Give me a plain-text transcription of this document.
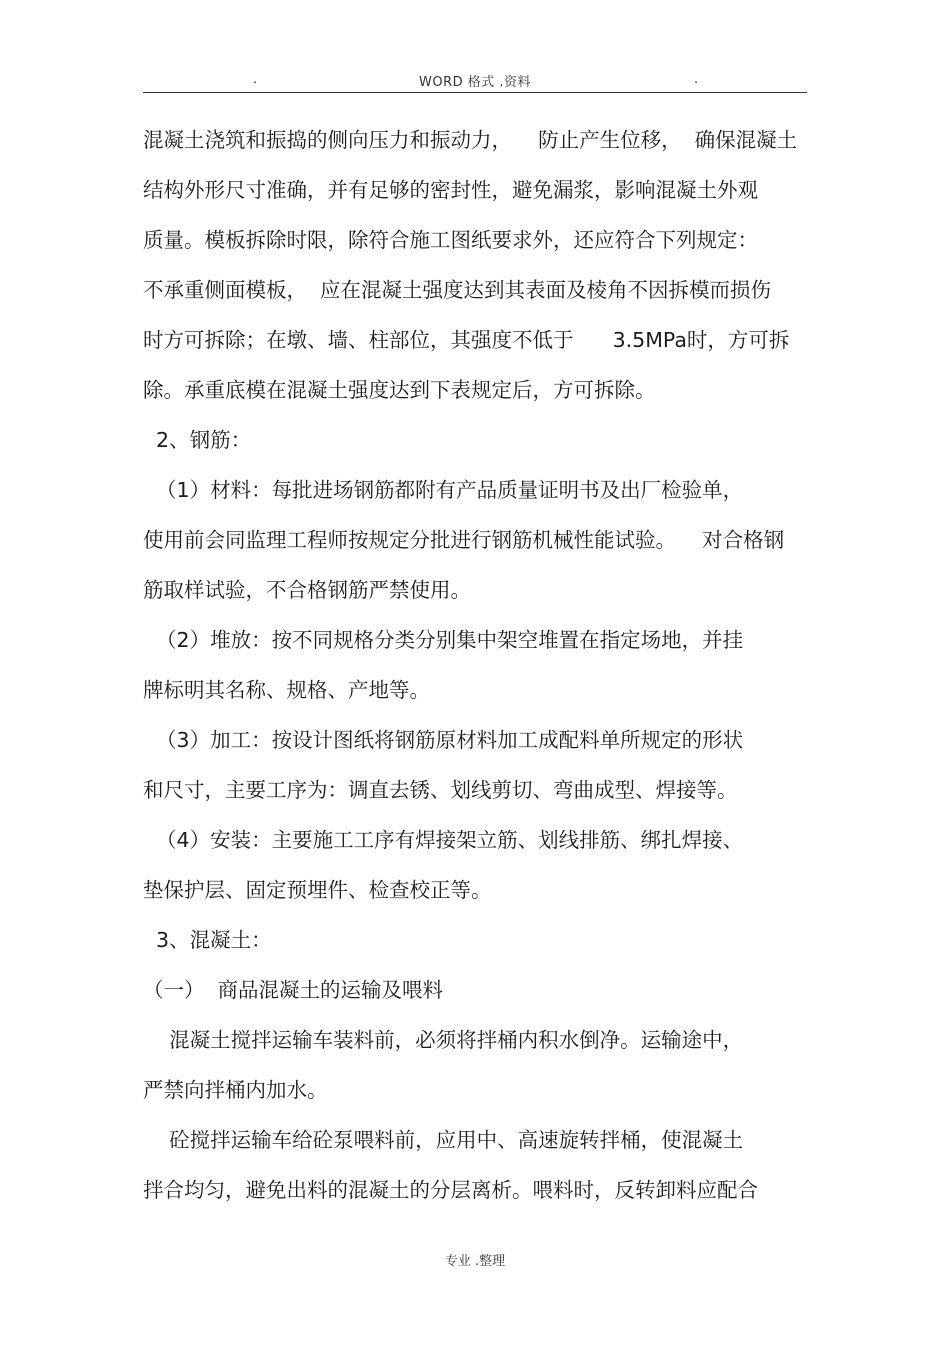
.	WORD 格式 .资料	.
混凝土浇筑和振捣的侧向压力和振动力，    防止产生位移，  确保混凝土
结构外形尺寸准确，并有足够的密封性，避免漏浆，影响混凝土外观
质量。模板拆除时限，除符合施工图纸要求外，还应符合下列规定：
不承重侧面模板，  应在混凝土强度达到其表面及棱角不因拆模而损伤
时方可拆除；在墩、墙、柱部位，其强度不低于      3.5MPa时，方可拆
除。承重底模在混凝土强度达到下表规定后，方可拆除。
2、钢筋：
（1）材料：每批进场钢筋都附有产品质量证明书及出厂检验单，
使用前会同监理工程师按规定分批进行钢筋机械性能试验。    对合格钢
筋取样试验，不合格钢筋严禁使用。
（2）堆放：按不同规格分类分别集中架空堆置在指定场地，并挂
牌标明其名称、规格、产地等。
（3）加工：按设计图纸将钢筋原材料加工成配料单所规定的形状
和尺寸，主要工序为：调直去锈、划线剪切、弯曲成型、焊接等。
（4）安装：主要施工工序有焊接架立筋、划线排筋、绑扎焊接、
垫保护层、固定预埋件、检查校正等。
3、混凝土：
（一）  商品混凝土的运输及喂料
混凝土搅拌运输车装料前，必须将拌桶内积水倒净。运输途中，
严禁向拌桶内加水。
砼搅拌运输车给砼泵喂料前，应用中、高速旋转拌桶，使混凝土
拌合均匀，避免出料的混凝土的分层离析。喂料时，反转卸料应配合
专业 .整理
